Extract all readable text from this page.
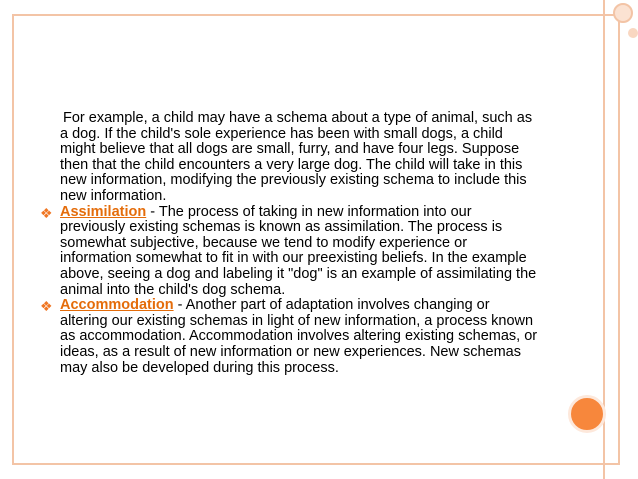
For example, a child may have a schema about a type of animal, such as a dog. If the child's sole experience has been with small dogs, a child might believe that all dogs are small, furry, and have four legs. Suppose then that the child encounters a very large dog. The child will take in this new information, modifying the previously existing schema to include this new information.
❖ Assimilation - The process of taking in new information into our previously existing schemas is known as assimilation. The process is somewhat subjective, because we tend to modify experience or information somewhat to fit in with our preexisting beliefs. In the example above, seeing a dog and labeling it "dog" is an example of assimilating the animal into the child's dog schema.
❖ Accommodation - Another part of adaptation involves changing or altering our existing schemas in light of new information, a process known as accommodation. Accommodation involves altering existing schemas, or ideas, as a result of new information or new experiences. New schemas may also be developed during this process.
